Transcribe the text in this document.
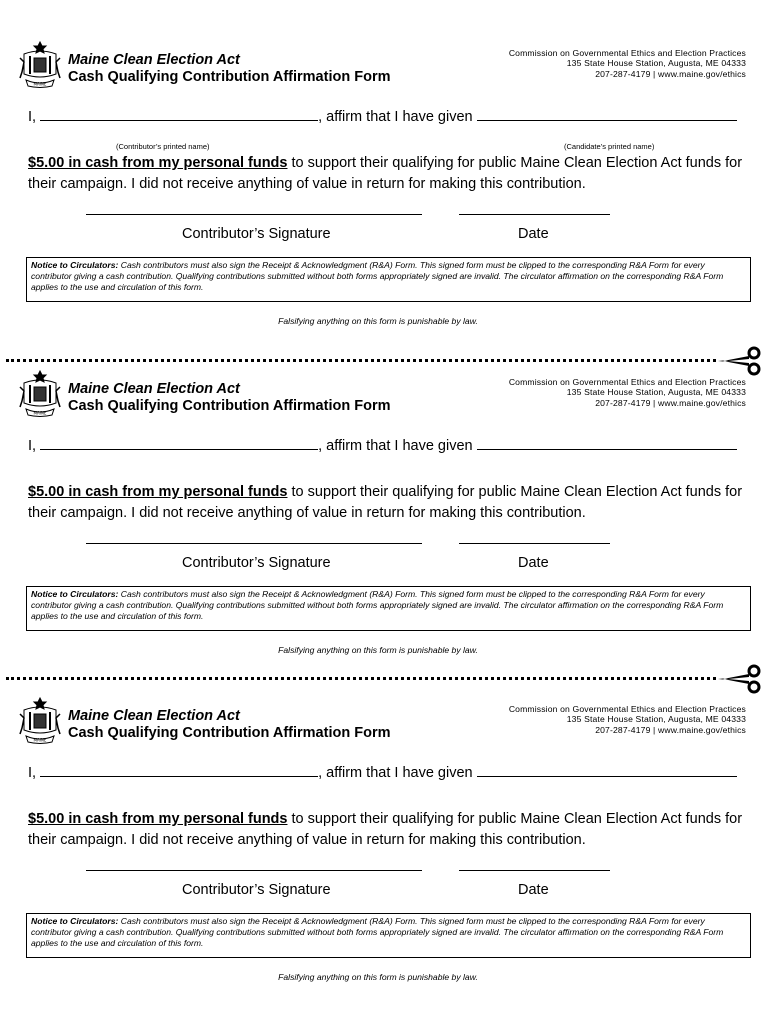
MAINE
Maine Clean Election Act
Cash Qualifying Contribution Affirmation Form
Commission on Governmental Ethics and Election Practices
135 State House Station, Augusta, ME 04333
207-287-4179 | www.maine.gov/ethics
I,	, affirm that I have given
(Contributor’s printed name)	(Candidate’s printed name)
$5.00 in cash from my personal funds to support their qualifying for public Maine Clean Election Act funds for their campaign. I did not receive anything of value in return for making this contribution.
Contributor’s Signature	Date
Notice to Circulators: Cash contributors must also sign the Receipt & Acknowledgment (R&A) Form. This signed form must be clipped to the corresponding R&A Form for every contributor giving a cash contribution. Qualifying contributions submitted without both forms appropriately signed are invalid. The circulator affirmation on the corresponding R&A Form applies to the use and circulation of this form.
Falsifying anything on this form is punishable by law.
MAINE
Maine Clean Election Act
Cash Qualifying Contribution Affirmation Form
Commission on Governmental Ethics and Election Practices
135 State House Station, Augusta, ME 04333
207-287-4179 | www.maine.gov/ethics
I,	, affirm that I have given
$5.00 in cash from my personal funds to support their qualifying for public Maine Clean Election Act funds for their campaign. I did not receive anything of value in return for making this contribution.
Contributor’s Signature	Date
Notice to Circulators: Cash contributors must also sign the Receipt & Acknowledgment (R&A) Form. This signed form must be clipped to the corresponding R&A Form for every contributor giving a cash contribution. Qualifying contributions submitted without both forms appropriately signed are invalid. The circulator affirmation on the corresponding R&A Form applies to the use and circulation of this form.
Falsifying anything on this form is punishable by law.
MAINE
Maine Clean Election Act
Cash Qualifying Contribution Affirmation Form
Commission on Governmental Ethics and Election Practices
135 State House Station, Augusta, ME 04333
207-287-4179 | www.maine.gov/ethics
I,	, affirm that I have given
$5.00 in cash from my personal funds to support their qualifying for public Maine Clean Election Act funds for their campaign. I did not receive anything of value in return for making this contribution.
Contributor’s Signature	Date
Notice to Circulators: Cash contributors must also sign the Receipt & Acknowledgment (R&A) Form. This signed form must be clipped to the corresponding R&A Form for every contributor giving a cash contribution. Qualifying contributions submitted without both forms appropriately signed are invalid. The circulator affirmation on the corresponding R&A Form applies to the use and circulation of this form.
Falsifying anything on this form is punishable by law.
